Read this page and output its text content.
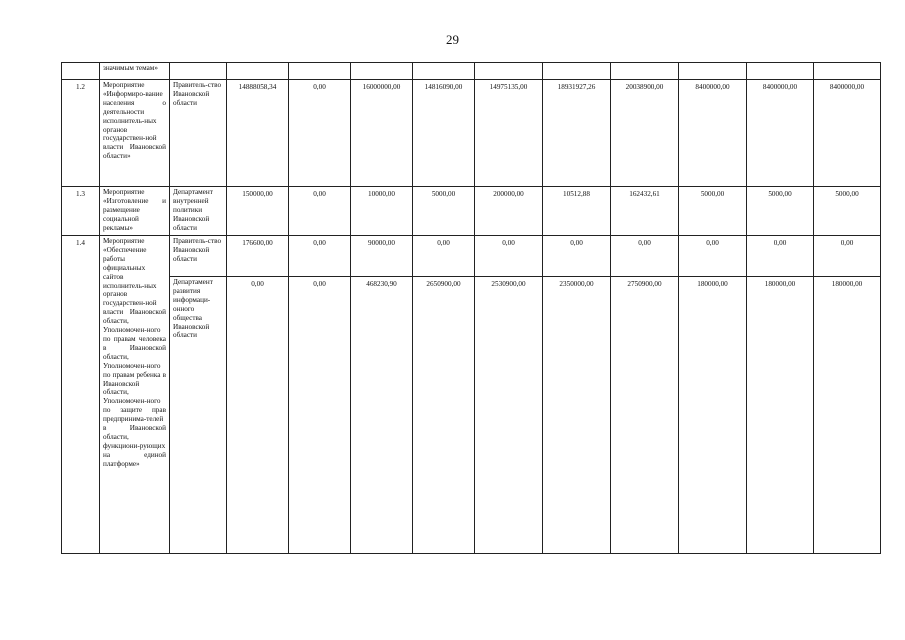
29
	значимым темам»											
1.2	Мероприятие «Информиро-вание населения о деятельности исполнитель-ных органов государствен-ной власти Ивановской области»	Правитель-ство Ивановской области	14888058,34	0,00	16000000,00	14816090,00	14975135,00	18931927,26	20038900,00	8400000,00	8400000,00	8400000,00
1.3	Мероприятие «Изготовление и размещение социальной рекламы»	Департамент внутренней политики Ивановской области	150000,00	0,00	10000,00	5000,00	200000,00	10512,88	162432,61	5000,00	5000,00	5000,00
1.4	Мероприятие «Обеспечение работы официальных сайтов исполнитель-ных органов государствен-ной власти Ивановской области, Уполномочен-ного по правам человека в Ивановской области, Уполномочен-ного по правам ребенка в Ивановской области, Уполномочен-ного по защите прав предпринима-телей в Ивановской области, функциони-рующих на единой платформе»	Правитель-ство Ивановской области	176600,00	0,00	90000,00	0,00	0,00	0,00	0,00	0,00	0,00	0,00
		Департамент развития информаци-онного общества Ивановской области	0,00	0,00	468230,90	2650900,00	2530900,00	2350000,00	2750900,00	180000,00	180000,00	180000,00
